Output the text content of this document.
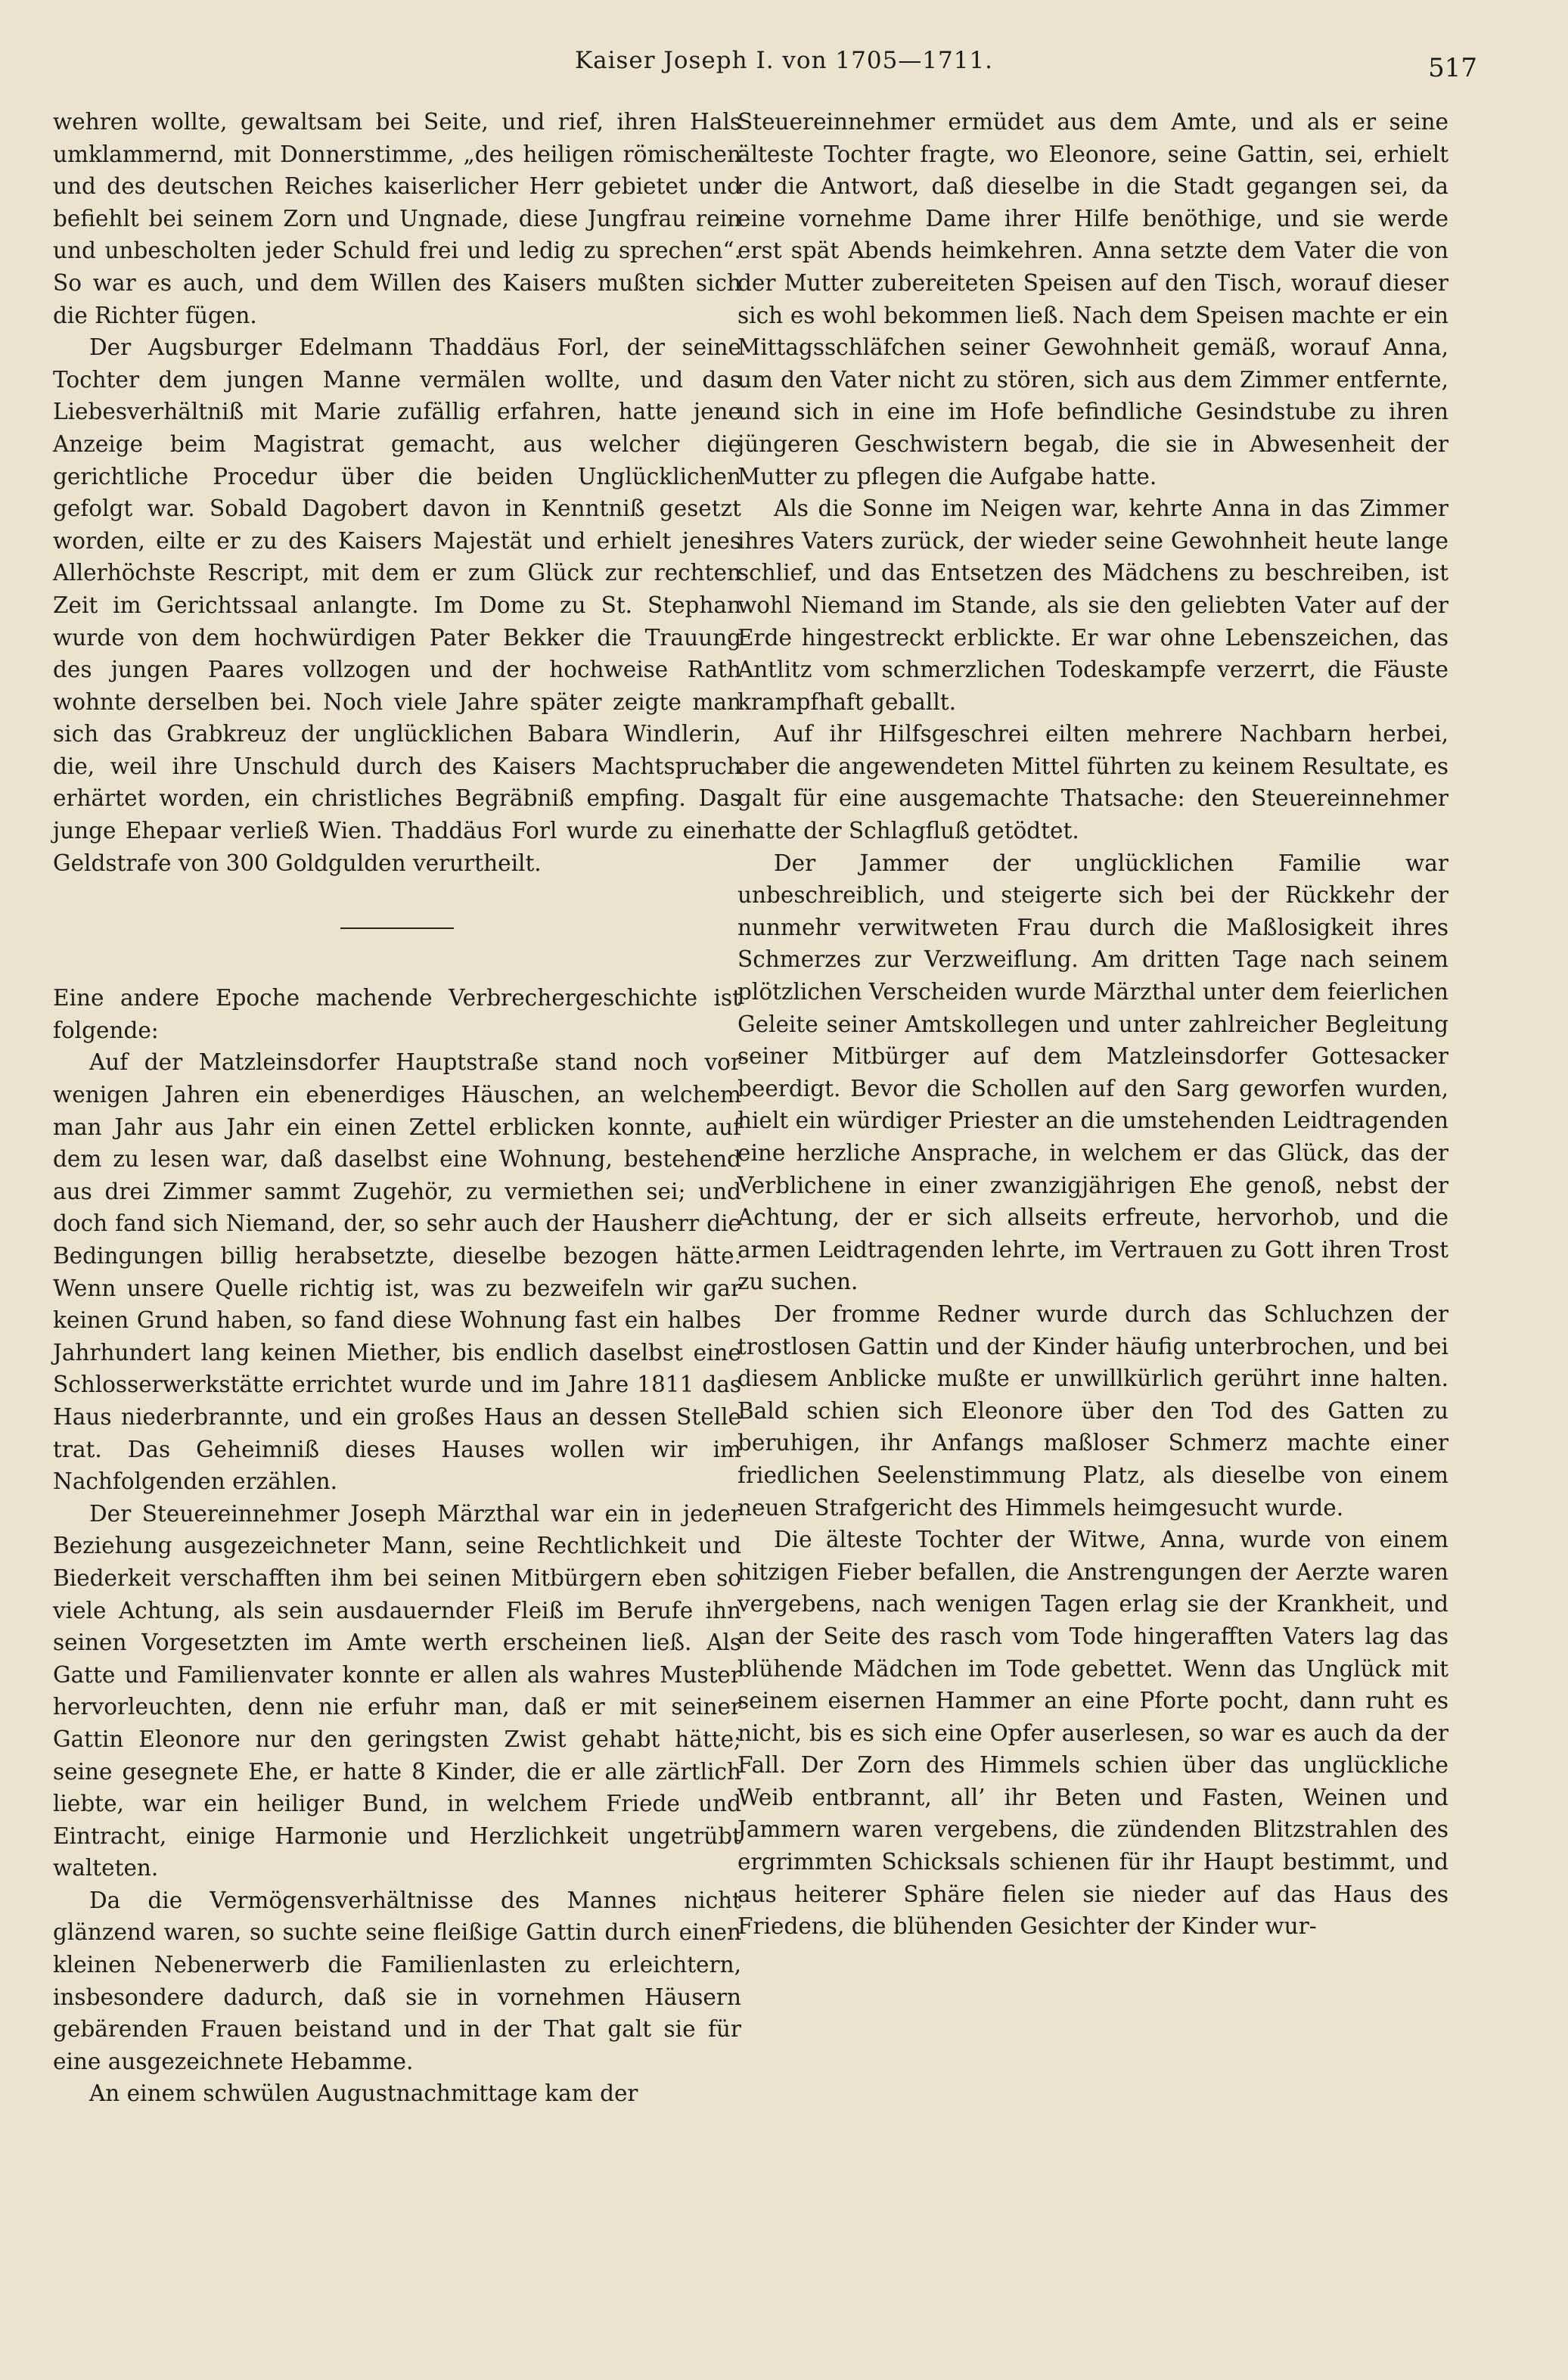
Kaiser Joseph I. von 1705—1711.	517

wehren wollte, gewaltsam bei Seite, und rief, ihren Hals umklammernd, mit Donnerstimme, „des heiligen römischen und des deutschen Reiches kaiserlicher Herr gebietet und befiehlt bei seinem Zorn und Ungnade, diese Jungfrau rein und unbescholten jeder Schuld frei und ledig zu sprechen“. So war es auch, und dem Willen des Kaisers mußten sich die Richter fügen.

Der Augsburger Edelmann Thaddäus Forl, der seine Tochter dem jungen Manne vermälen wollte, und das Liebesverhältniß mit Marie zufällig erfahren, hatte jene Anzeige beim Magistrat gemacht, aus welcher die gerichtliche Procedur über die beiden Unglücklichen gefolgt war. Sobald Dagobert davon in Kenntniß gesetzt worden, eilte er zu des Kaisers Majestät und erhielt jenes Allerhöchste Rescript, mit dem er zum Glück zur rechten Zeit im Gerichtssaal anlangte. Im Dome zu St. Stephan wurde von dem hochwürdigen Pater Bekker die Trauung des jungen Paares vollzogen und der hochweise Rath wohnte derselben bei. Noch viele Jahre später zeigte man sich das Grabkreuz der unglücklichen Babara Windlerin, die, weil ihre Unschuld durch des Kaisers Machtspruch erhärtet worden, ein christliches Begräbniß empfing. Das junge Ehepaar verließ Wien. Thaddäus Forl wurde zu einer Geldstrafe von 300 Goldgulden verurtheilt.

Eine andere Epoche machende Verbrechergeschichte ist folgende:

Auf der Matzleinsdorfer Hauptstraße stand noch vor wenigen Jahren ein ebenerdiges Häuschen, an welchem man Jahr aus Jahr ein einen Zettel erblicken konnte, auf dem zu lesen war, daß daselbst eine Wohnung, bestehend aus drei Zimmer sammt Zugehör, zu vermiethen sei; und doch fand sich Niemand, der, so sehr auch der Hausherr die Bedingungen billig herabsetzte, dieselbe bezogen hätte. Wenn unsere Quelle richtig ist, was zu bezweifeln wir gar keinen Grund haben, so fand diese Wohnung fast ein halbes Jahrhundert lang keinen Miether, bis endlich daselbst eine Schlosserwerkstätte errichtet wurde und im Jahre 1811 das Haus niederbrannte, und ein großes Haus an dessen Stelle trat. Das Geheimniß dieses Hauses wollen wir im Nachfolgenden erzählen.

Der Steuereinnehmer Joseph Märzthal war ein in jeder Beziehung ausgezeichneter Mann, seine Rechtlichkeit und Biederkeit verschafften ihm bei seinen Mitbürgern eben so viele Achtung, als sein ausdauernder Fleiß im Berufe ihn seinen Vorgesetzten im Amte werth erscheinen ließ. Als Gatte und Familienvater konnte er allen als wahres Muster hervorleuchten, denn nie erfuhr man, daß er mit seiner Gattin Eleonore nur den geringsten Zwist gehabt hätte; seine gesegnete Ehe, er hatte 8 Kinder, die er alle zärtlich liebte, war ein heiliger Bund, in welchem Friede und Eintracht, einige Harmonie und Herzlichkeit ungetrübt walteten.

Da die Vermögensverhältnisse des Mannes nicht glänzend waren, so suchte seine fleißige Gattin durch einen kleinen Nebenerwerb die Familienlasten zu erleichtern, insbesondere dadurch, daß sie in vornehmen Häusern gebärenden Frauen beistand und in der That galt sie für eine ausgezeichnete Hebamme.

An einem schwülen Augustnachmittage kam der

Steuereinnehmer ermüdet aus dem Amte, und als er seine älteste Tochter fragte, wo Eleonore, seine Gattin, sei, erhielt er die Antwort, daß dieselbe in die Stadt gegangen sei, da eine vornehme Dame ihrer Hilfe benöthige, und sie werde erst spät Abends heimkehren. Anna setzte dem Vater die von der Mutter zubereiteten Speisen auf den Tisch, worauf dieser sich es wohl bekommen ließ. Nach dem Speisen machte er ein Mittagsschläfchen seiner Gewohnheit gemäß, worauf Anna, um den Vater nicht zu stören, sich aus dem Zimmer entfernte, und sich in eine im Hofe befindliche Gesindstube zu ihren jüngeren Geschwistern begab, die sie in Abwesenheit der Mutter zu pflegen die Aufgabe hatte.

Als die Sonne im Neigen war, kehrte Anna in das Zimmer ihres Vaters zurück, der wieder seine Gewohnheit heute lange schlief, und das Entsetzen des Mädchens zu beschreiben, ist wohl Niemand im Stande, als sie den geliebten Vater auf der Erde hingestreckt erblickte. Er war ohne Lebenszeichen, das Antlitz vom schmerzlichen Todeskampfe verzerrt, die Fäuste krampfhaft geballt.

Auf ihr Hilfsgeschrei eilten mehrere Nachbarn herbei, aber die angewendeten Mittel führten zu keinem Resultate, es galt für eine ausgemachte Thatsache: den Steuereinnehmer hatte der Schlagfluß getödtet.

Der Jammer der unglücklichen Familie war unbeschreiblich, und steigerte sich bei der Rückkehr der nunmehr verwitweten Frau durch die Maßlosigkeit ihres Schmerzes zur Verzweiflung. Am dritten Tage nach seinem plötzlichen Verscheiden wurde Märzthal unter dem feierlichen Geleite seiner Amtskollegen und unter zahlreicher Begleitung seiner Mitbürger auf dem Matzleinsdorfer Gottesacker beerdigt. Bevor die Schollen auf den Sarg geworfen wurden, hielt ein würdiger Priester an die umstehenden Leidtragenden eine herzliche Ansprache, in welchem er das Glück, das der Verblichene in einer zwanzigjährigen Ehe genoß, nebst der Achtung, der er sich allseits erfreute, hervorhob, und die armen Leidtragenden lehrte, im Vertrauen zu Gott ihren Trost zu suchen.

Der fromme Redner wurde durch das Schluchzen der trostlosen Gattin und der Kinder häufig unterbrochen, und bei diesem Anblicke mußte er unwillkürlich gerührt inne halten. Bald schien sich Eleonore über den Tod des Gatten zu beruhigen, ihr Anfangs maßloser Schmerz machte einer friedlichen Seelenstimmung Platz, als dieselbe von einem neuen Strafgericht des Himmels heimgesucht wurde.

Die älteste Tochter der Witwe, Anna, wurde von einem hitzigen Fieber befallen, die Anstrengungen der Aerzte waren vergebens, nach wenigen Tagen erlag sie der Krankheit, und an der Seite des rasch vom Tode hingerafften Vaters lag das blühende Mädchen im Tode gebettet. Wenn das Unglück mit seinem eisernen Hammer an eine Pforte pocht, dann ruht es nicht, bis es sich eine Opfer auserlesen, so war es auch da der Fall. Der Zorn des Himmels schien über das unglückliche Weib entbrannt, all’ ihr Beten und Fasten, Weinen und Jammern waren vergebens, die zündenden Blitzstrahlen des ergrimmten Schicksals schienen für ihr Haupt bestimmt, und aus heiterer Sphäre fielen sie nieder auf das Haus des Friedens, die blühenden Gesichter der Kinder wur-
